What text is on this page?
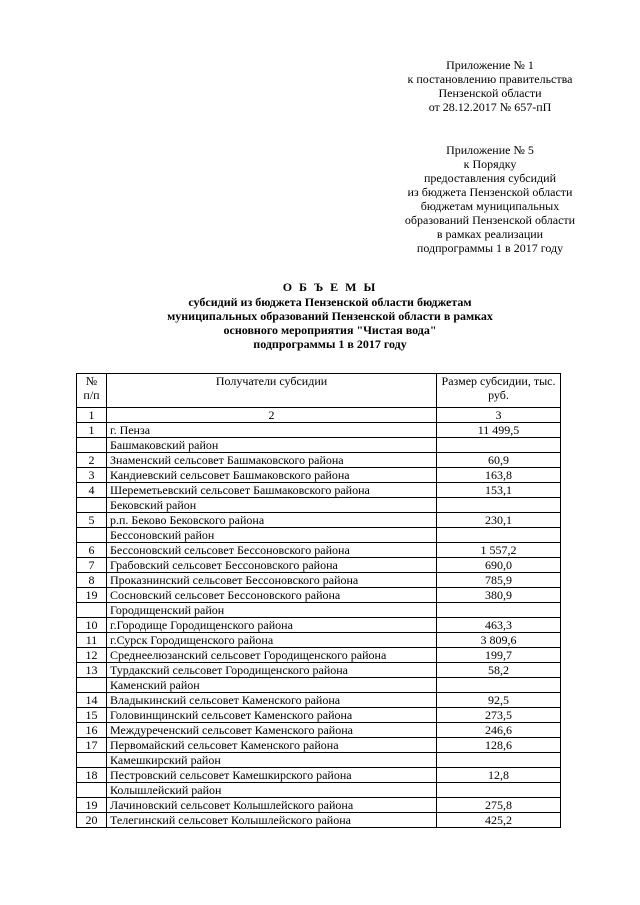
Приложение № 1
к постановлению правительства
Пензенской области
от 28.12.2017 № 657-пП
Приложение № 5
к Порядку
предоставления субсидий
из бюджета Пензенской области
бюджетам муниципальных
образований Пензенской области
в рамках реализации
подпрограммы 1 в 2017 году
О Б Ъ Е М Ы
субсидий из бюджета Пензенской области бюджетам
муниципальных образований Пензенской области в рамках
основного мероприятия "Чистая вода"
подпрограммы 1 в 2017 году
№ п/п	Получатели субсидии	Размер субсидии, тыс. руб.
1	2	3
1	г. Пенза	11 499,5
	Башмаковский район	
2	Знаменский сельсовет Башмаковского района	60,9
3	Кандиевский сельсовет Башмаковского района	163,8
4	Шереметьевский сельсовет Башмаковского района	153,1
	Бековский район	
5	р.п. Беково Бековского района	230,1
	Бессоновский район	
6	Бессоновский сельсовет Бессоновского района	1 557,2
7	Грабовский сельсовет Бессоновского района	690,0
8	Проказнинский сельсовет Бессоновского района	785,9
19	Сосновский сельсовет Бессоновского района	380,9
	Городищенский район	
10	г.Городище Городищенского района	463,3
11	г.Сурск Городищенского района	3 809,6
12	Среднеелюзанский сельсовет Городищенского района	199,7
13	Турдакский сельсовет Городищенского района	58,2
	Каменский район	
14	Владыкинский сельсовет Каменского района	92,5
15	Головинщинский сельсовет Каменского района	273,5
16	Междуреченский сельсовет Каменского района	246,6
17	Первомайский сельсовет Каменского района	128,6
	Камешкирский район	
18	Пестровский сельсовет Камешкирского района	12,8
	Колышлейский район	
19	Лачиновский сельсовет Колышлейского района	275,8
20	Телегинский сельсовет Колышлейского района	425,2
